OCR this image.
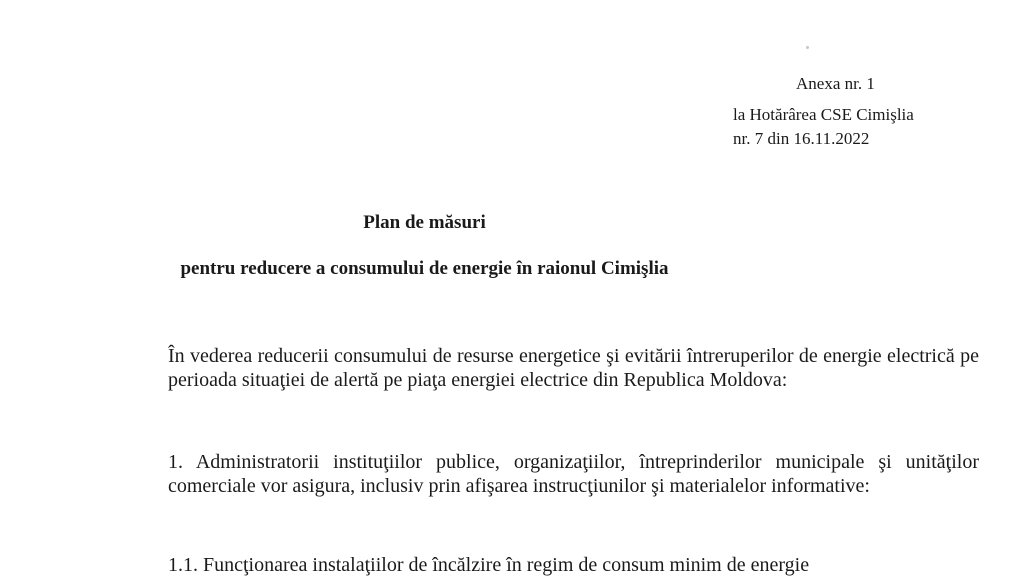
Anexa nr. 1
la Hotărârea CSE Cimişlia
nr. 7 din 16.11.2022
Plan de măsuri
pentru reducere a consumului de energie în raionul Cimişlia
În vederea reducerii consumului de resurse energetice şi evitării întreruperilor de energie electrică pe perioada situaţiei de alertă pe piaţa energiei electrice din Republica Moldova:
1. Administratorii instituţiilor publice, organizaţiilor, întreprinderilor municipale şi unităţilor comerciale vor asigura, inclusiv prin afişarea instrucţiunilor şi materialelor informative:
1.1. Funcţionarea instalaţiilor de încălzire în regim de consum minim de energie
